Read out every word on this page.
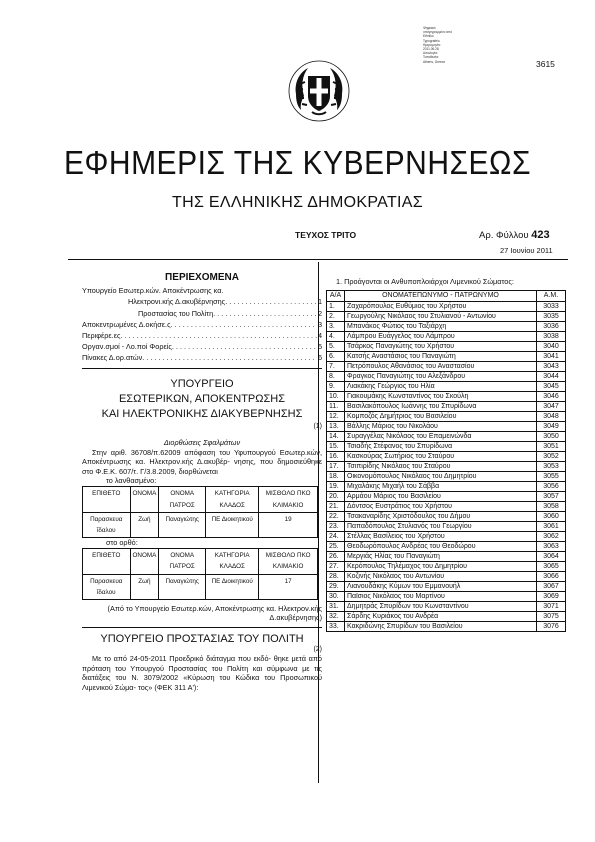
Ψηφιακά
υπογεγραμμένο από
Ethniko
Typografeio
Ημερομηνία:
2011.06.28
Αιτιολογία:
Τοποθεσία:
Athens, Greece	3615
ΕΦΗΜΕΡΙΣ ΤΗΣ ΚΥΒΕΡΝΗΣΕΩΣ
ΤΗΣ ΕΛΛΗΝΙΚΗΣ ΔΗΜΟΚΡΑΤΙΑΣ
ΤΕΥΧΟΣ ΤΡΙΤΟ	Αρ. Φύλλου 423
27 Ιουνίου 2011
ΠΕΡΙΕΧΟΜΕΝΑ
Υπουργείο Εσωτερ.κών. Αποκέντρωσης κα.
Ηλεκτρονι.κής Δ.ακυβέρνησης . . .	1
Προστασίας του Πολίτη . . .	2
Αποκεντρωμένες Δ.οκήσε.ς . . .	3
Περιφέρε.ες . . .	4
Οργαν.σμοί - Λο.ποί Φορείς . . .	5
Πίνακες Δ.ορ.ατών . . .	6
ΥΠΟΥΡΓΕΙΟ
ΕΣΩΤΕΡΙΚΩΝ, ΑΠΟΚΕΝΤΡΩΣΗΣ
ΚΑΙ ΗΛΕΚΤΡΟΝΙΚΗΣ ΔΙΑΚΥΒΕΡΝΗΣΗΣ
(1)
Διορθώσεις Σφαλμάτων
Στην αριθ. 36708/π.62009 απόφαση του Υφυπουργού Εσωτερ.κών, Αποκέντρωσης κα. Ηλεκτρον.κής Δ.ακυβέρ- νησης, που δημοσιεύθηκε στο Φ.Ε.Κ. 607/τ. Γ/3.8.2009, διορθώνεται
το λανθασμένο:
ΕΠΙΘΕΤΟ	ΟΝΟΜΑ	ΟΝΟΜΑ ΠΑΤΡΟΣ	ΚΑΤΗΓΟΡΙΑ ΚΛΑΔΟΣ	ΜΙΣΘΟΛΟ ΠΚΟ ΚΛΙΜΑΚΙΟ
Παρασκευα ΐδαλου	Ζωή	Παναγιώτης	ΠΕ Διοικητικού	19
στο ορθό:
ΕΠΙΘΕΤΟ	ΟΝΟΜΑ	ΟΝΟΜΑ ΠΑΤΡΟΣ	ΚΑΤΗΓΟΡΙΑ ΚΛΑΔΟΣ	ΜΙΣΘΟΛΟ ΠΚΟ ΚΛΙΜΑΚΙΟ
Παρασκευα ΐδαλου	Ζωή	Παναγιώτης	ΠΕ Διοικητικού	17
(Από το Υπουργείο Εσωτερ.κών, Αποκέντρωσης κα. Ηλεκτρον.κής Δ.ακυβέρνησης)
ΥΠΟΥΡΓΕΙΟ ΠΡΟΣΤΑΣΙΑΣ ΤΟΥ ΠΟΛΙΤΗ
(2)
Με το από 24-05-2011 Προεδρικό διάταγμα που εκδό- θηκε μετά από πρόταση του Υπουργού Προστασίας του Πολίτη και σύμφωνα με τις διατάξεις του Ν. 3079/2002 «Κύρωση του Κώδικα του Προσωπικού Λιμενικού Σώμα- τος» (ΦΕΚ 311 Α'):
1. Προάγονται οι Ανθυποπλοιάρχοι Λιμενικού Σώματος:
Α/Α	ΟΝΟΜΑΤΕΠΩΝΥΜΟ - ΠΑΤΡΩΝΥΜΟ	Α.Μ.
1.	Ζαχαρόπουλος Ευθύμιος του Χρήστου	3033
2.	Γεωργούλης Νικόλαος του Στυλιανού - Αντωνίου	3035
3.	Μπανάκος Φώτιος του Ταξιάρχη	3036
4.	Λάμπρου Ευάγγελος του Λάμπρου	3038
5.	Τσάρκος Παναγιώτης του Χρήστου	3040
6.	Κατσής Αναστάσιος του Παναγιώτη	3041
7.	Πετρόπουλος Αθανάσιος του Αναστασίου	3043
8.	Φραγκος Παναγιώτης του Αλεξάνδρου	3044
9.	Λιακάκης Γεώργιος του Ηλία	3045
10.	Γιακουμάκης Κωνσταντίνος του Σκούλη	3046
11.	Βασιλακόπουλος Ιωάννης του Σπυρίδωνα	3047
12.	Κομποζός Δημήτριος του Βασιλείου	3048
13.	Βάλλης Μάριος του Νικολάου	3049
14.	Συραγγέλας Νικόλαος του Επαμεινώνδα	3050
15.	Τσιαδής Στέφανος του Σπυρίδωνα	3051
16.	Κασκούρας Σωτήριος του Σταύρου	3052
17.	Τσιπιρίδης Νικόλαος του Σταύρου	3053
18.	Οικονομόπουλος Νικόλαος του Δημητρίου	3055
19.	Μιχαλάκης Μιχαήλ του Σάββα	3056
20.	Αρμάου Μάριος του Βασιλείου	3057
21.	Δόντσος Ευστράτιος του Χρήστου	3058
22.	Τσακαναρίδης Χριστόδουλος του Δήμου	3060
23.	Παπαδόπουλος Στυλιανός του Γεωργίου	3061
24.	Στέλλας Βασίλειος του Χρήστου	3062
25.	Θεοδωρόπουλος Ανδρέας του Θεοδώρου	3063
26.	Μεργιάς Ηλίας του Παναγιώτη	3064
27.	Κερόπουλος Τηλέμαχος του Δημητρίου	3065
28.	Κοζινής Νικόλαος του Αντωνίου	3066
29.	Λιανουδάκης Κύμων του Εμμανουήλ	3067
30.	Παϊσιος Νικόλαος του Μαρτίνου	3069
31.	Δημητράς Σπυρίδων του Κωνσταντίνου	3071
32.	Σάρδης Κυριάκος του Ανδρέα	3075
33.	Κακριδώνης Σπυρίδων του Βασιλείου	3076
